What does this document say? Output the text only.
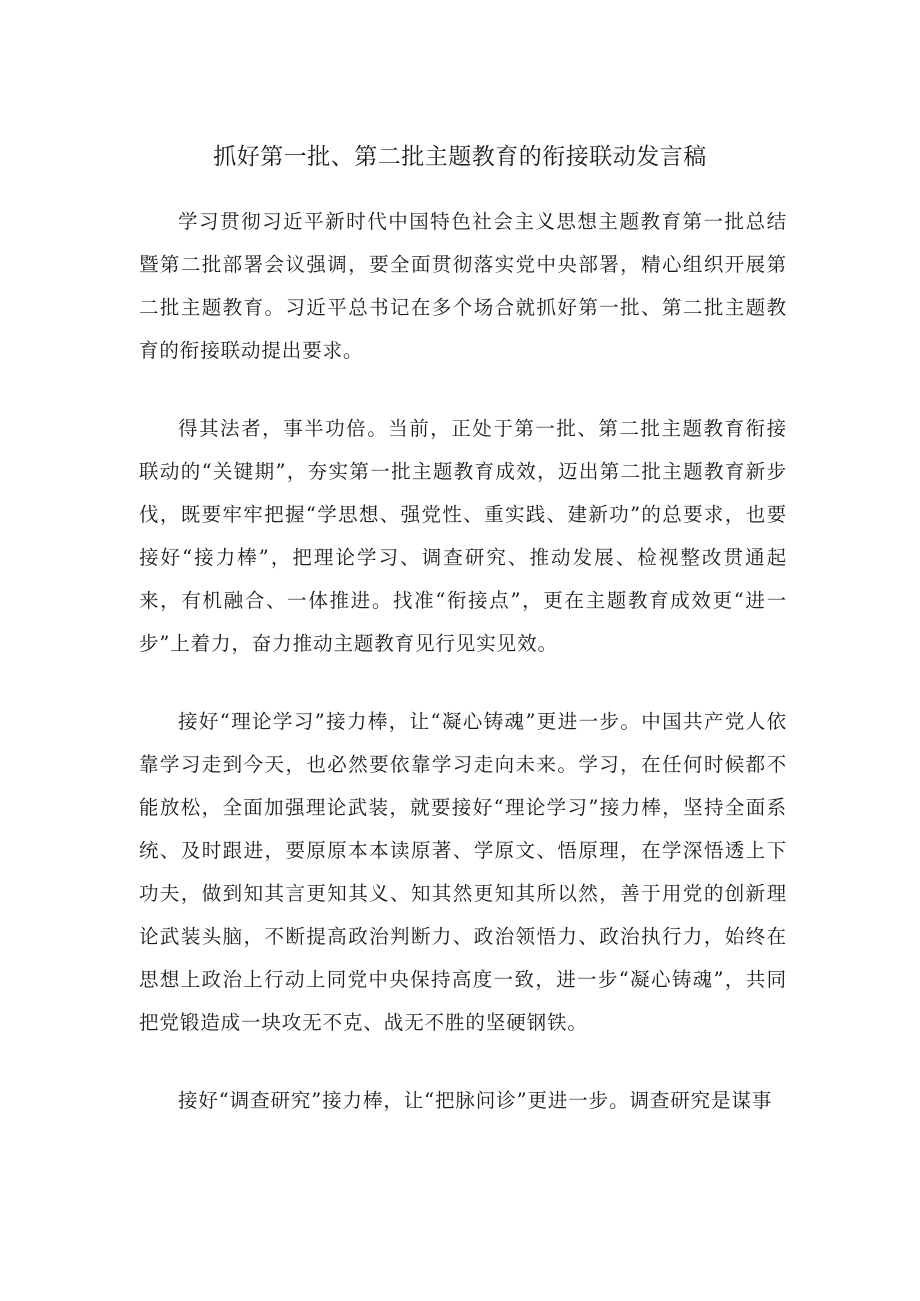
抓好第一批、第二批主题教育的衔接联动发言稿

学习贯彻习近平新时代中国特色社会主义思想主题教育第一批总结暨第二批部署会议强调，要全面贯彻落实党中央部署，精心组织开展第二批主题教育。习近平总书记在多个场合就抓好第一批、第二批主题教育的衔接联动提出要求。

得其法者，事半功倍。当前，正处于第一批、第二批主题教育衔接联动的“关键期”，夯实第一批主题教育成效，迈出第二批主题教育新步伐，既要牢牢把握“学思想、强党性、重实践、建新功”的总要求，也要接好“接力棒”，把理论学习、调查研究、推动发展、检视整改贯通起来，有机融合、一体推进。找准“衔接点”，更在主题教育成效更“进一步”上着力，奋力推动主题教育见行见实见效。

接好“理论学习”接力棒，让“凝心铸魂”更进一步。中国共产党人依靠学习走到今天，也必然要依靠学习走向未来。学习，在任何时候都不能放松，全面加强理论武装，就要接好“理论学习”接力棒，坚持全面系统、及时跟进，要原原本本读原著、学原文、悟原理，在学深悟透上下功夫，做到知其言更知其义、知其然更知其所以然，善于用党的创新理论武装头脑，不断提高政治判断力、政治领悟力、政治执行力，始终在思想上政治上行动上同党中央保持高度一致，进一步“凝心铸魂”，共同把党锻造成一块攻无不克、战无不胜的坚硬钢铁。

接好“调查研究”接力棒，让“把脉问诊”更进一步。调查研究是谋事
